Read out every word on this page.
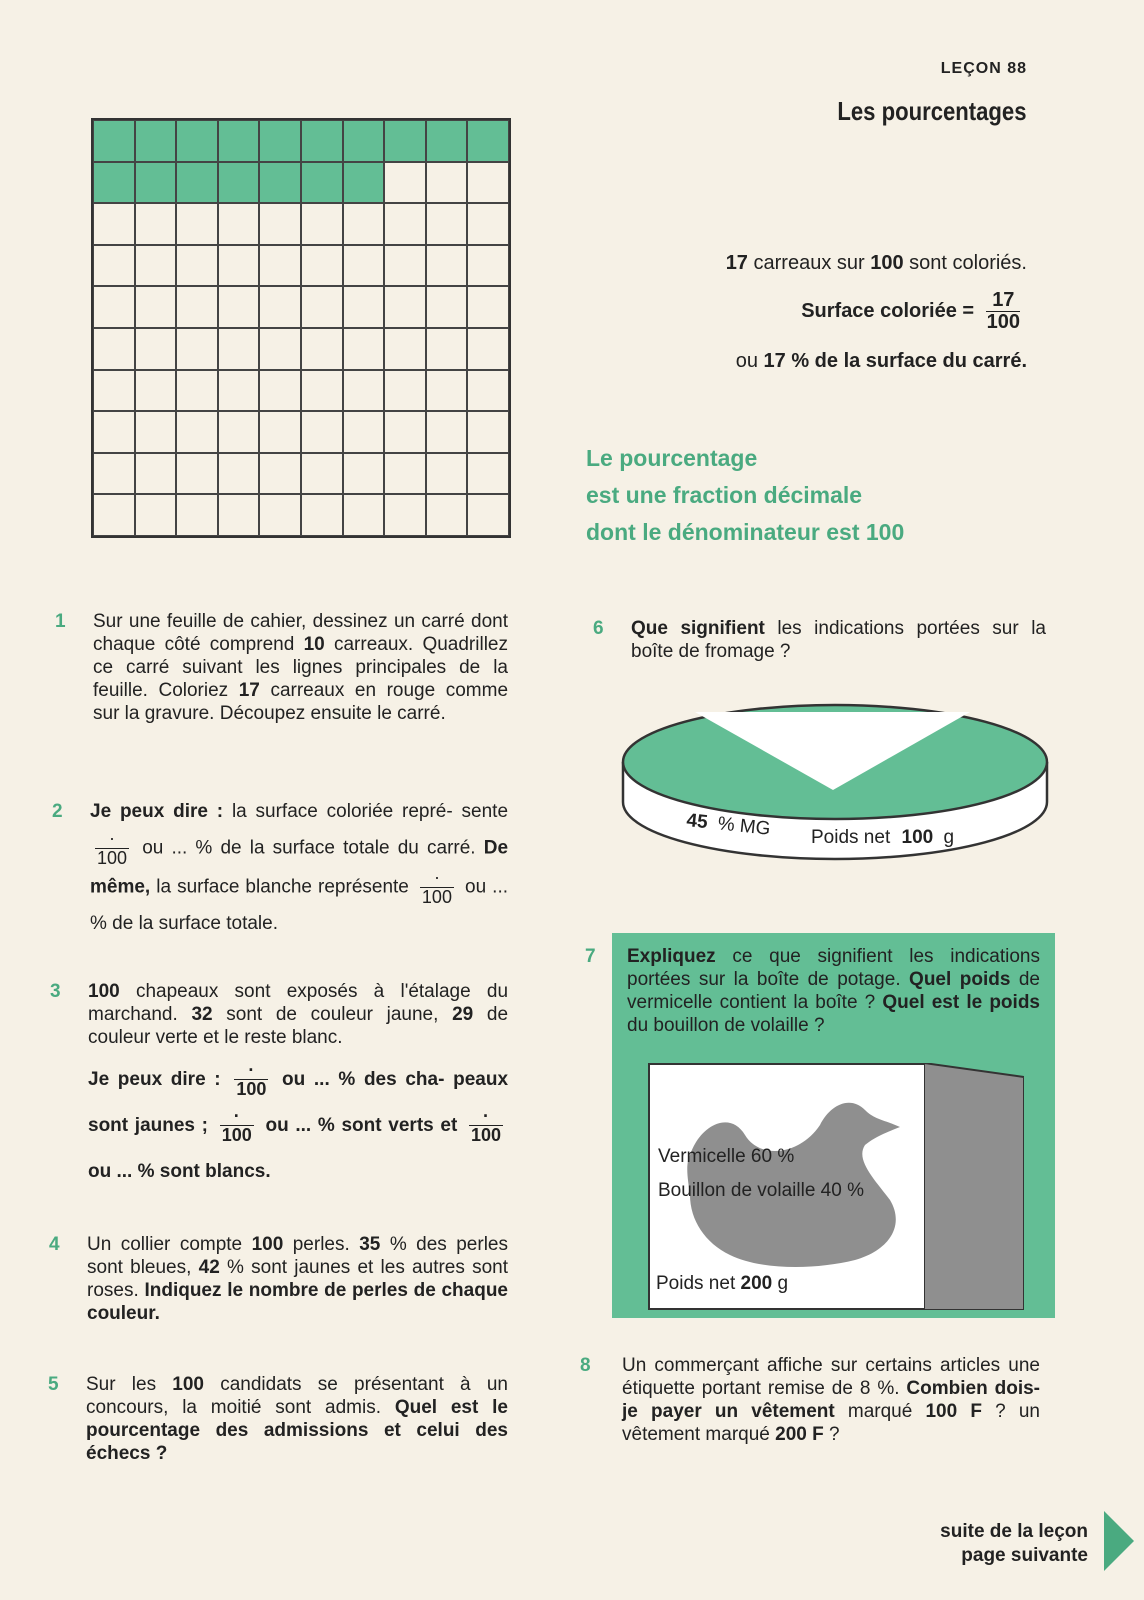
LEÇON 88
Les pourcentages
17 carreaux sur 100 sont coloriés.
Surface coloriée = $\frac{17}{100}$
ou 17 % de la surface du carré.
Le pourcentage
est une fraction décimale
dont le dénominateur est 100
1 Sur une feuille de cahier, dessinez un carré dont chaque côté comprend 10 carreaux. Quadrillez ce carré suivant les lignes principales de la feuille. Coloriez 17 carreaux en rouge comme sur la gravure. Découpez ensuite le carré.

2 Je peux dire : la surface coloriée repré- sente
$\frac{\cdot}{100}$ ou ... % de la surface totale du carré. De même, la surface blanche représente $\frac{\cdot}{100}$ ou ... % de la surface totale.

3 100 chapeaux sont exposés à l'étalage du marchand. 32 sont de couleur jaune, 29 de couleur verte et le reste blanc.

Je peux dire : $\frac{\cdot}{100}$ ou ... % des cha- peaux sont jaunes ; $\frac{\cdot}{100}$ ou ... % sont verts et $\frac{\cdot}{100}$
ou ... % sont blancs.

4 Un collier compte 100 perles. 35 % des perles sont bleues, 42 % sont jaunes et les autres sont roses. Indiquez le nombre de perles de chaque couleur.

5 Sur les 100 candidats se présentant à un concours, la moitié sont admis. Quel est le pourcentage des admissions et celui des échecs ?

6 Que signifient les indications portées sur la boîte de fromage ?

45 % MG Poids net 100 g
7 Expliquez ce que signifient les indications portées sur la boîte de potage. Quel poids de vermicelle contient la boîte ? Quel est le poids du bouillon de volaille ?

Vermicelle 60 %
Bouillon de volaille 40 %
Poids net 200 g
8 Un commerçant affiche sur certains articles une étiquette portant remise de 8 %. Combien dois-je payer un vêtement marqué 100 F ? un vêtement marqué 200 F ?

suite de la leçon
page suivante
